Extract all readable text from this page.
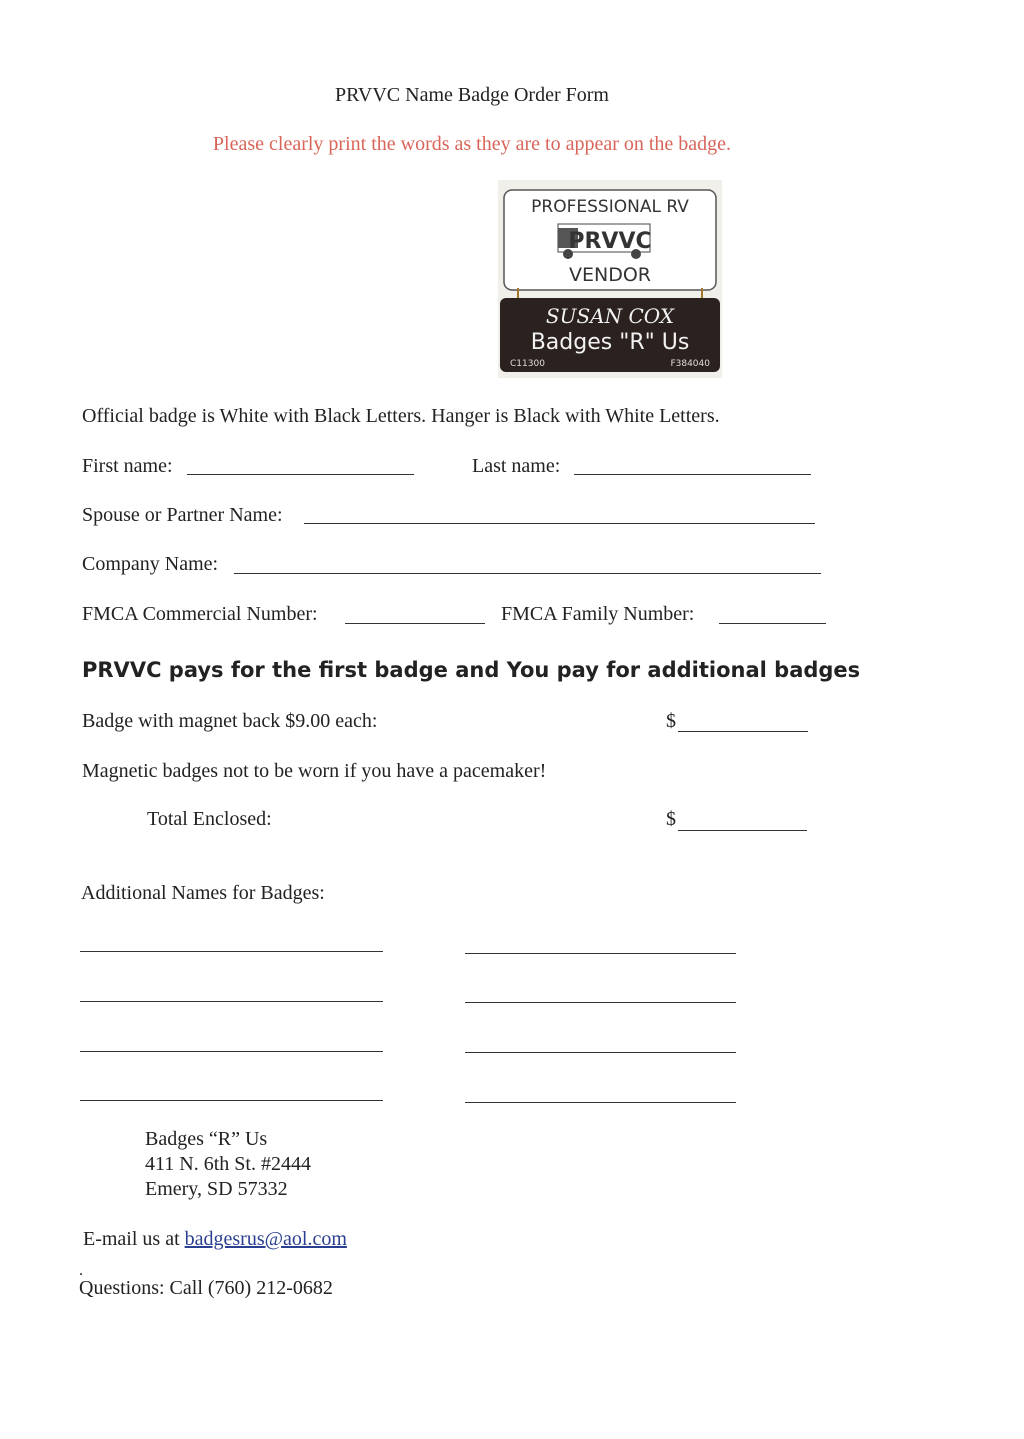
PRVVC Name Badge Order Form
Please clearly print the words as they are to appear on the badge.
PROFESSIONAL RV
PRVVC
VENDOR
SUSAN COX
Badges "R" Us
C11300	F384040
Official badge is White with Black Letters. Hanger is Black with White Letters.
First name:	Last name:
Spouse or Partner Name:
Company Name:
FMCA Commercial Number:	FMCA Family Number:
PRVVC pays for the first badge and You pay for additional badges
Badge with magnet back $9.00 each:	$
Magnetic badges not to be worn if you have a pacemaker!
Total Enclosed:	$
Additional Names for Badges:
Badges “R” Us
411 N. 6th St. #2444
Emery, SD 57332
E-mail us at badgesrus@aol.com
.
Questions: Call (760) 212-0682
